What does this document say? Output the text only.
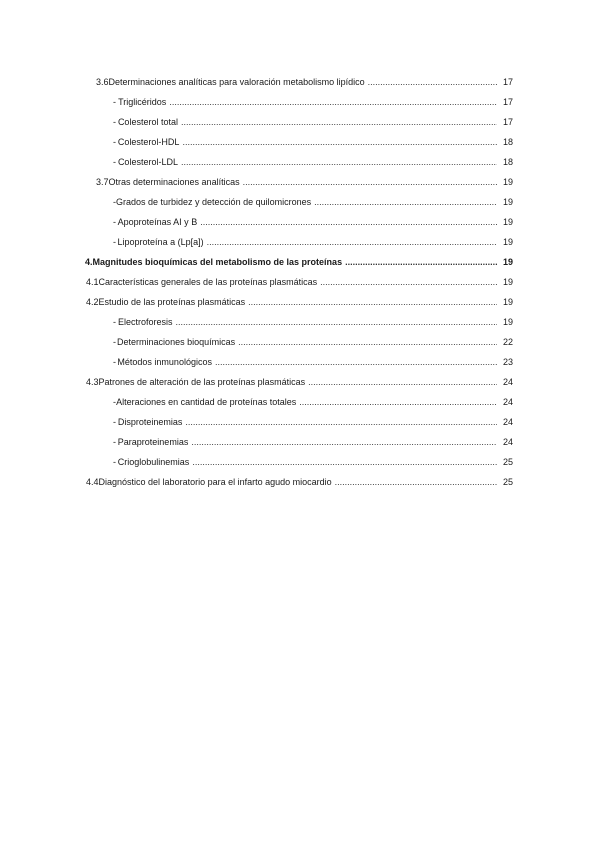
3.6 Determinaciones analíticas para valoración metabolismo lipídico .....	17
- Triglicéridos .....	17
- Colesterol total .....	17
- Colesterol-HDL .....	18
- Colesterol-LDL .....	18
3.7 Otras determinaciones analíticas .....	19
- Grados de turbidez y detección de quilomicrones .....	19
- Apoproteínas AI y B .....	19
- Lipoproteína a (Lp[a]) .....	19
4. Magnitudes bioquímicas del metabolismo de las proteínas .....	19
4.1 Características generales de las proteínas plasmáticas .....	19
4.2 Estudio de las proteínas plasmáticas .....	19
- Electroforesis .....	19
- Determinaciones bioquímicas .....	22
- Métodos inmunológicos .....	23
4.3 Patrones de alteración de las proteínas plasmáticas .....	24
- Alteraciones en cantidad de proteínas totales .....	24
- Disproteinemias .....	24
- Paraproteinemias .....	24
- Crioglobulinemias .....	25
4.4 Diagnóstico del laboratorio para el infarto agudo miocardio .....	25
